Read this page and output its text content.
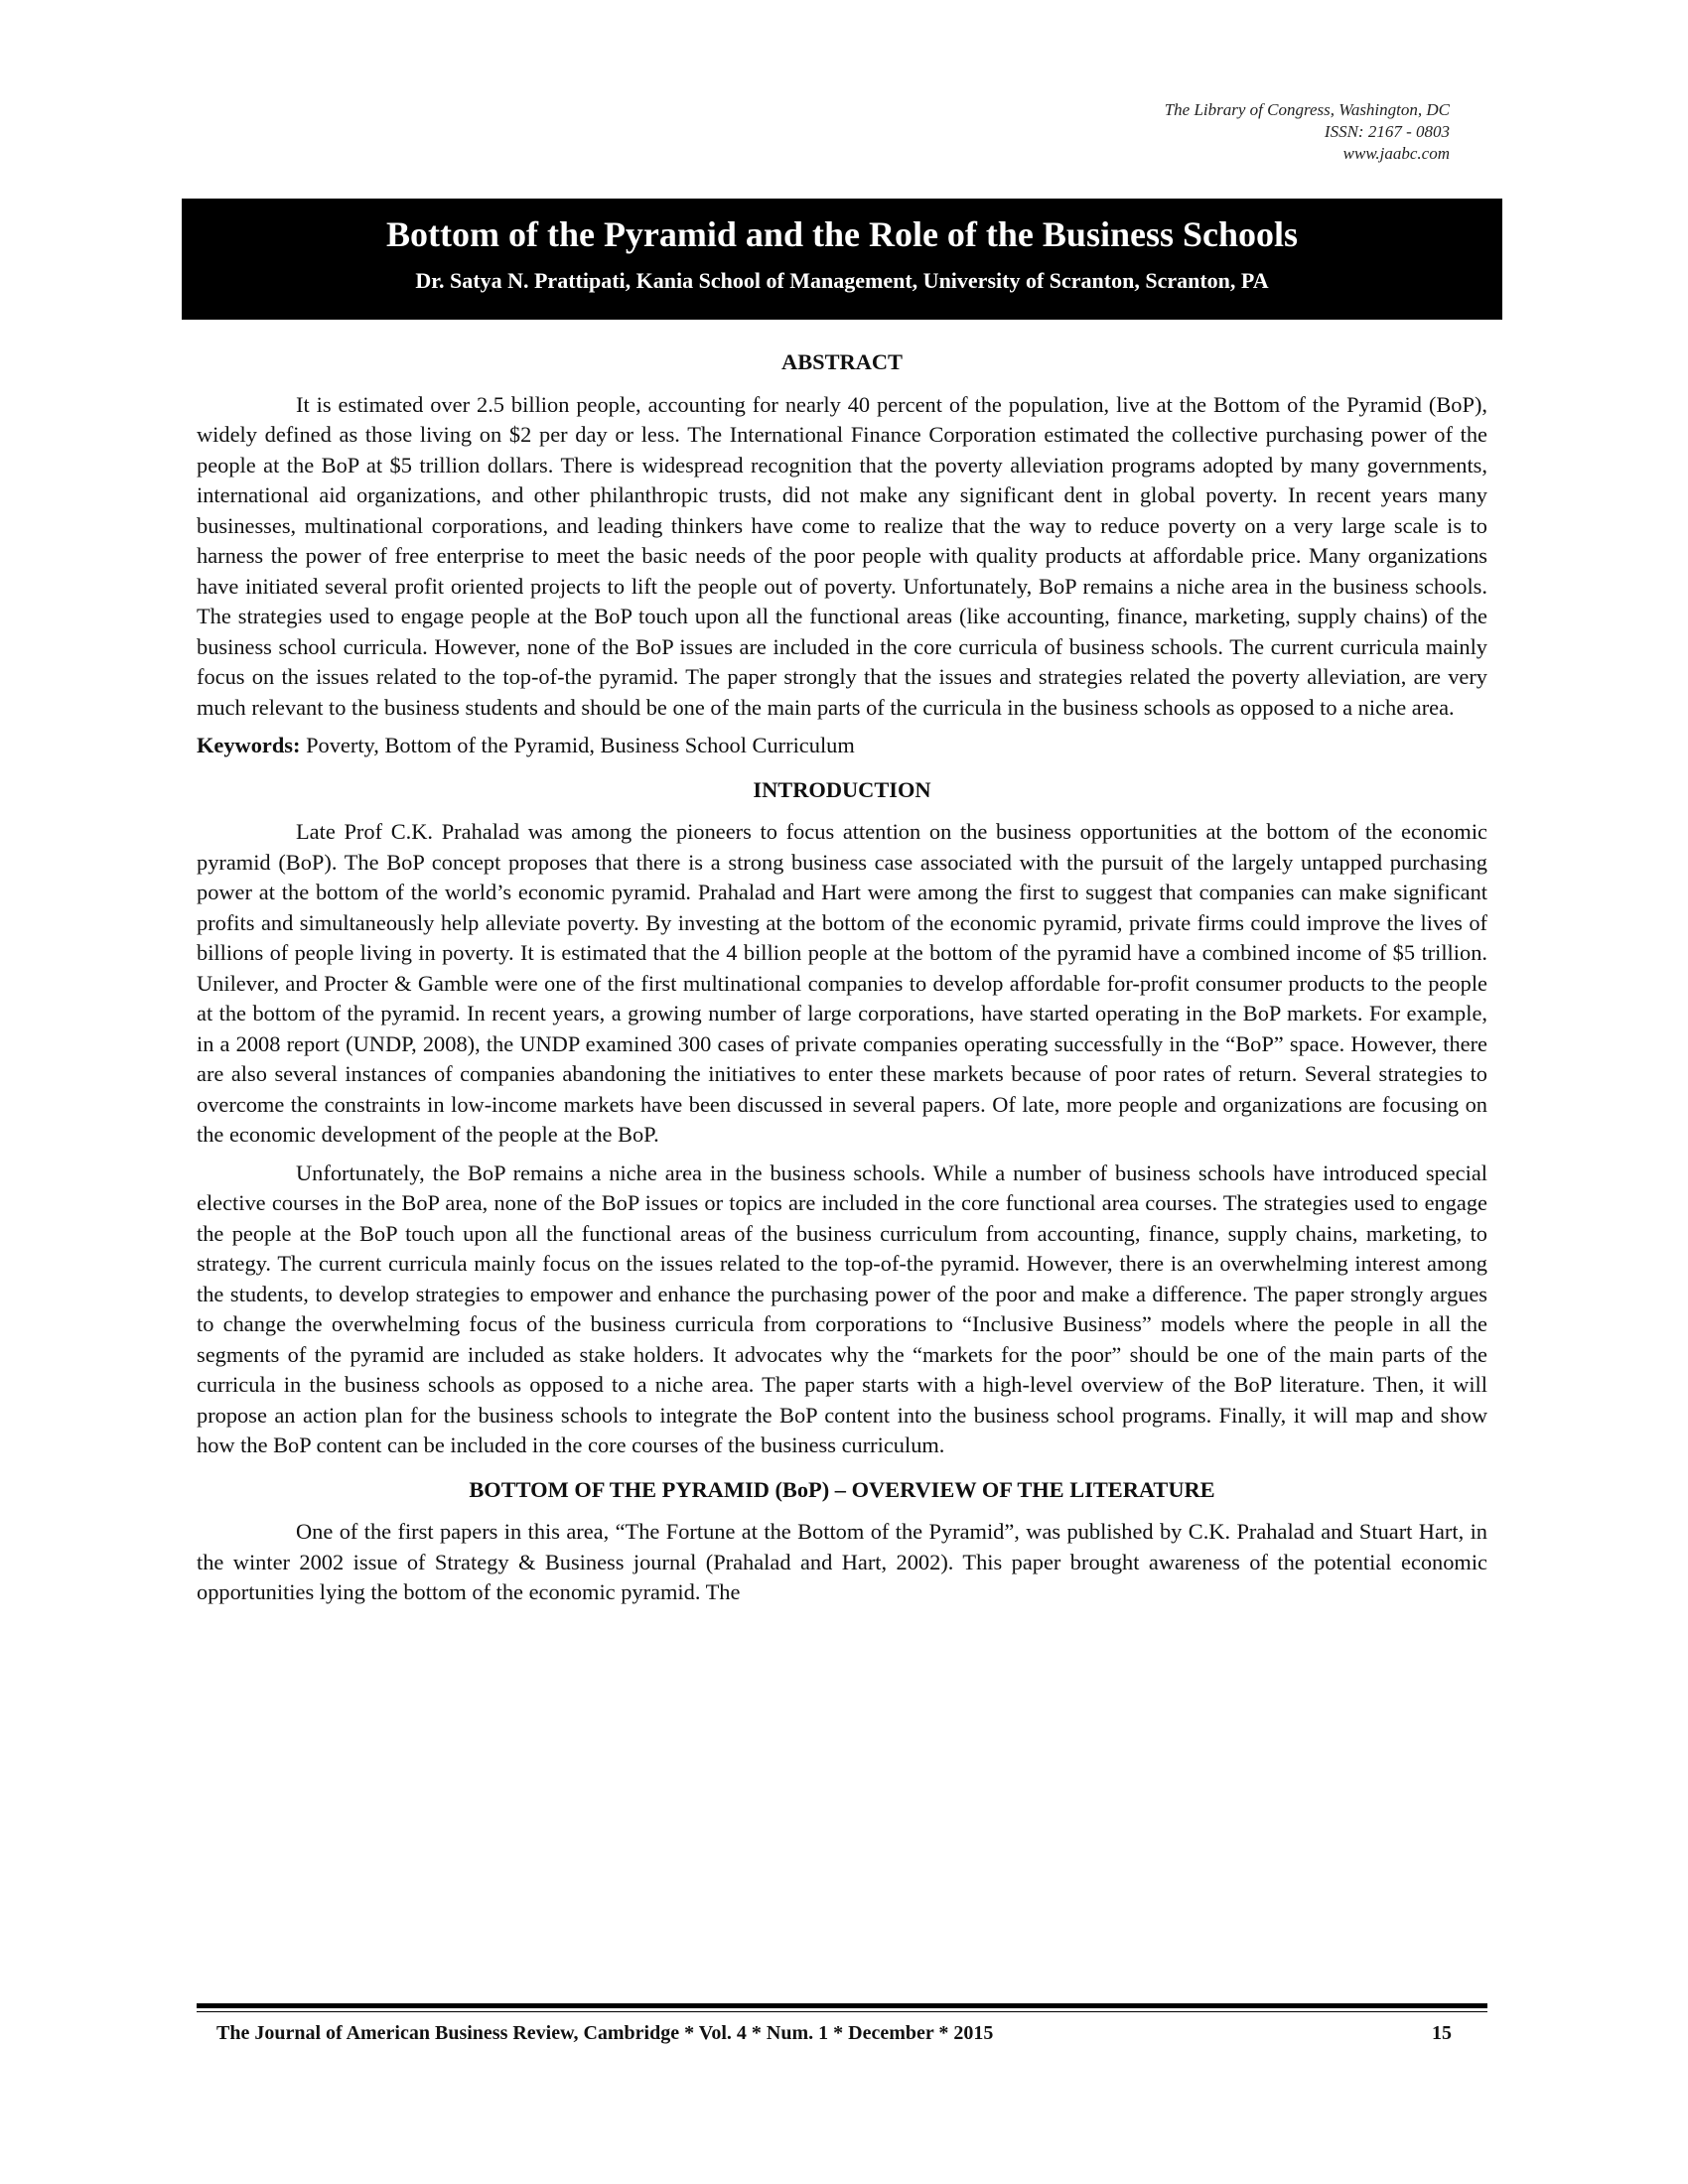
The Library of Congress, Washington, DC
ISSN: 2167 - 0803
www.jaabc.com
Bottom of the Pyramid and the Role of the Business Schools
Dr. Satya N. Prattipati, Kania School of Management, University of Scranton, Scranton, PA
ABSTRACT

It is estimated over 2.5 billion people, accounting for nearly 40 percent of the population, live at the Bottom of the Pyramid (BoP), widely defined as those living on $2 per day or less. The International Finance Corporation estimated the collective purchasing power of the people at the BoP at $5 trillion dollars. There is widespread recognition that the poverty alleviation programs adopted by many governments, international aid organizations, and other philanthropic trusts, did not make any significant dent in global poverty. In recent years many businesses, multinational corporations, and leading thinkers have come to realize that the way to reduce poverty on a very large scale is to harness the power of free enterprise to meet the basic needs of the poor people with quality products at affordable price. Many organizations have initiated several profit oriented projects to lift the people out of poverty. Unfortunately, BoP remains a niche area in the business schools. The strategies used to engage people at the BoP touch upon all the functional areas (like accounting, finance, marketing, supply chains) of the business school curricula. However, none of the BoP issues are included in the core curricula of business schools. The current curricula mainly focus on the issues related to the top-of-the pyramid. The paper strongly that the issues and strategies related the poverty alleviation, are very much relevant to the business students and should be one of the main parts of the curricula in the business schools as opposed to a niche area.

Keywords: Poverty, Bottom of the Pyramid, Business School Curriculum

INTRODUCTION

Late Prof C.K. Prahalad was among the pioneers to focus attention on the business opportunities at the bottom of the economic pyramid (BoP). The BoP concept proposes that there is a strong business case associated with the pursuit of the largely untapped purchasing power at the bottom of the world’s economic pyramid. Prahalad and Hart were among the first to suggest that companies can make significant profits and simultaneously help alleviate poverty. By investing at the bottom of the economic pyramid, private firms could improve the lives of billions of people living in poverty. It is estimated that the 4 billion people at the bottom of the pyramid have a combined income of $5 trillion. Unilever, and Procter & Gamble were one of the first multinational companies to develop affordable for-profit consumer products to the people at the bottom of the pyramid. In recent years, a growing number of large corporations, have started operating in the BoP markets. For example, in a 2008 report (UNDP, 2008), the UNDP examined 300 cases of private companies operating successfully in the “BoP” space. However, there are also several instances of companies abandoning the initiatives to enter these markets because of poor rates of return. Several strategies to overcome the constraints in low-income markets have been discussed in several papers. Of late, more people and organizations are focusing on the economic development of the people at the BoP.

Unfortunately, the BoP remains a niche area in the business schools. While a number of business schools have introduced special elective courses in the BoP area, none of the BoP issues or topics are included in the core functional area courses. The strategies used to engage the people at the BoP touch upon all the functional areas of the business curriculum from accounting, finance, supply chains, marketing, to strategy. The current curricula mainly focus on the issues related to the top-of-the pyramid. However, there is an overwhelming interest among the students, to develop strategies to empower and enhance the purchasing power of the poor and make a difference. The paper strongly argues to change the overwhelming focus of the business curricula from corporations to “Inclusive Business” models where the people in all the segments of the pyramid are included as stake holders. It advocates why the “markets for the poor” should be one of the main parts of the curricula in the business schools as opposed to a niche area. The paper starts with a high-level overview of the BoP literature. Then, it will propose an action plan for the business schools to integrate the BoP content into the business school programs. Finally, it will map and show how the BoP content can be included in the core courses of the business curriculum.

BOTTOM OF THE PYRAMID (BoP) – OVERVIEW OF THE LITERATURE

One of the first papers in this area, “The Fortune at the Bottom of the Pyramid”, was published by C.K. Prahalad and Stuart Hart, in the winter 2002 issue of Strategy & Business journal (Prahalad and Hart, 2002). This paper brought awareness of the potential economic opportunities lying the bottom of the economic pyramid. The

The Journal of American Business Review, Cambridge * Vol. 4 * Num. 1 * December * 2015	15
